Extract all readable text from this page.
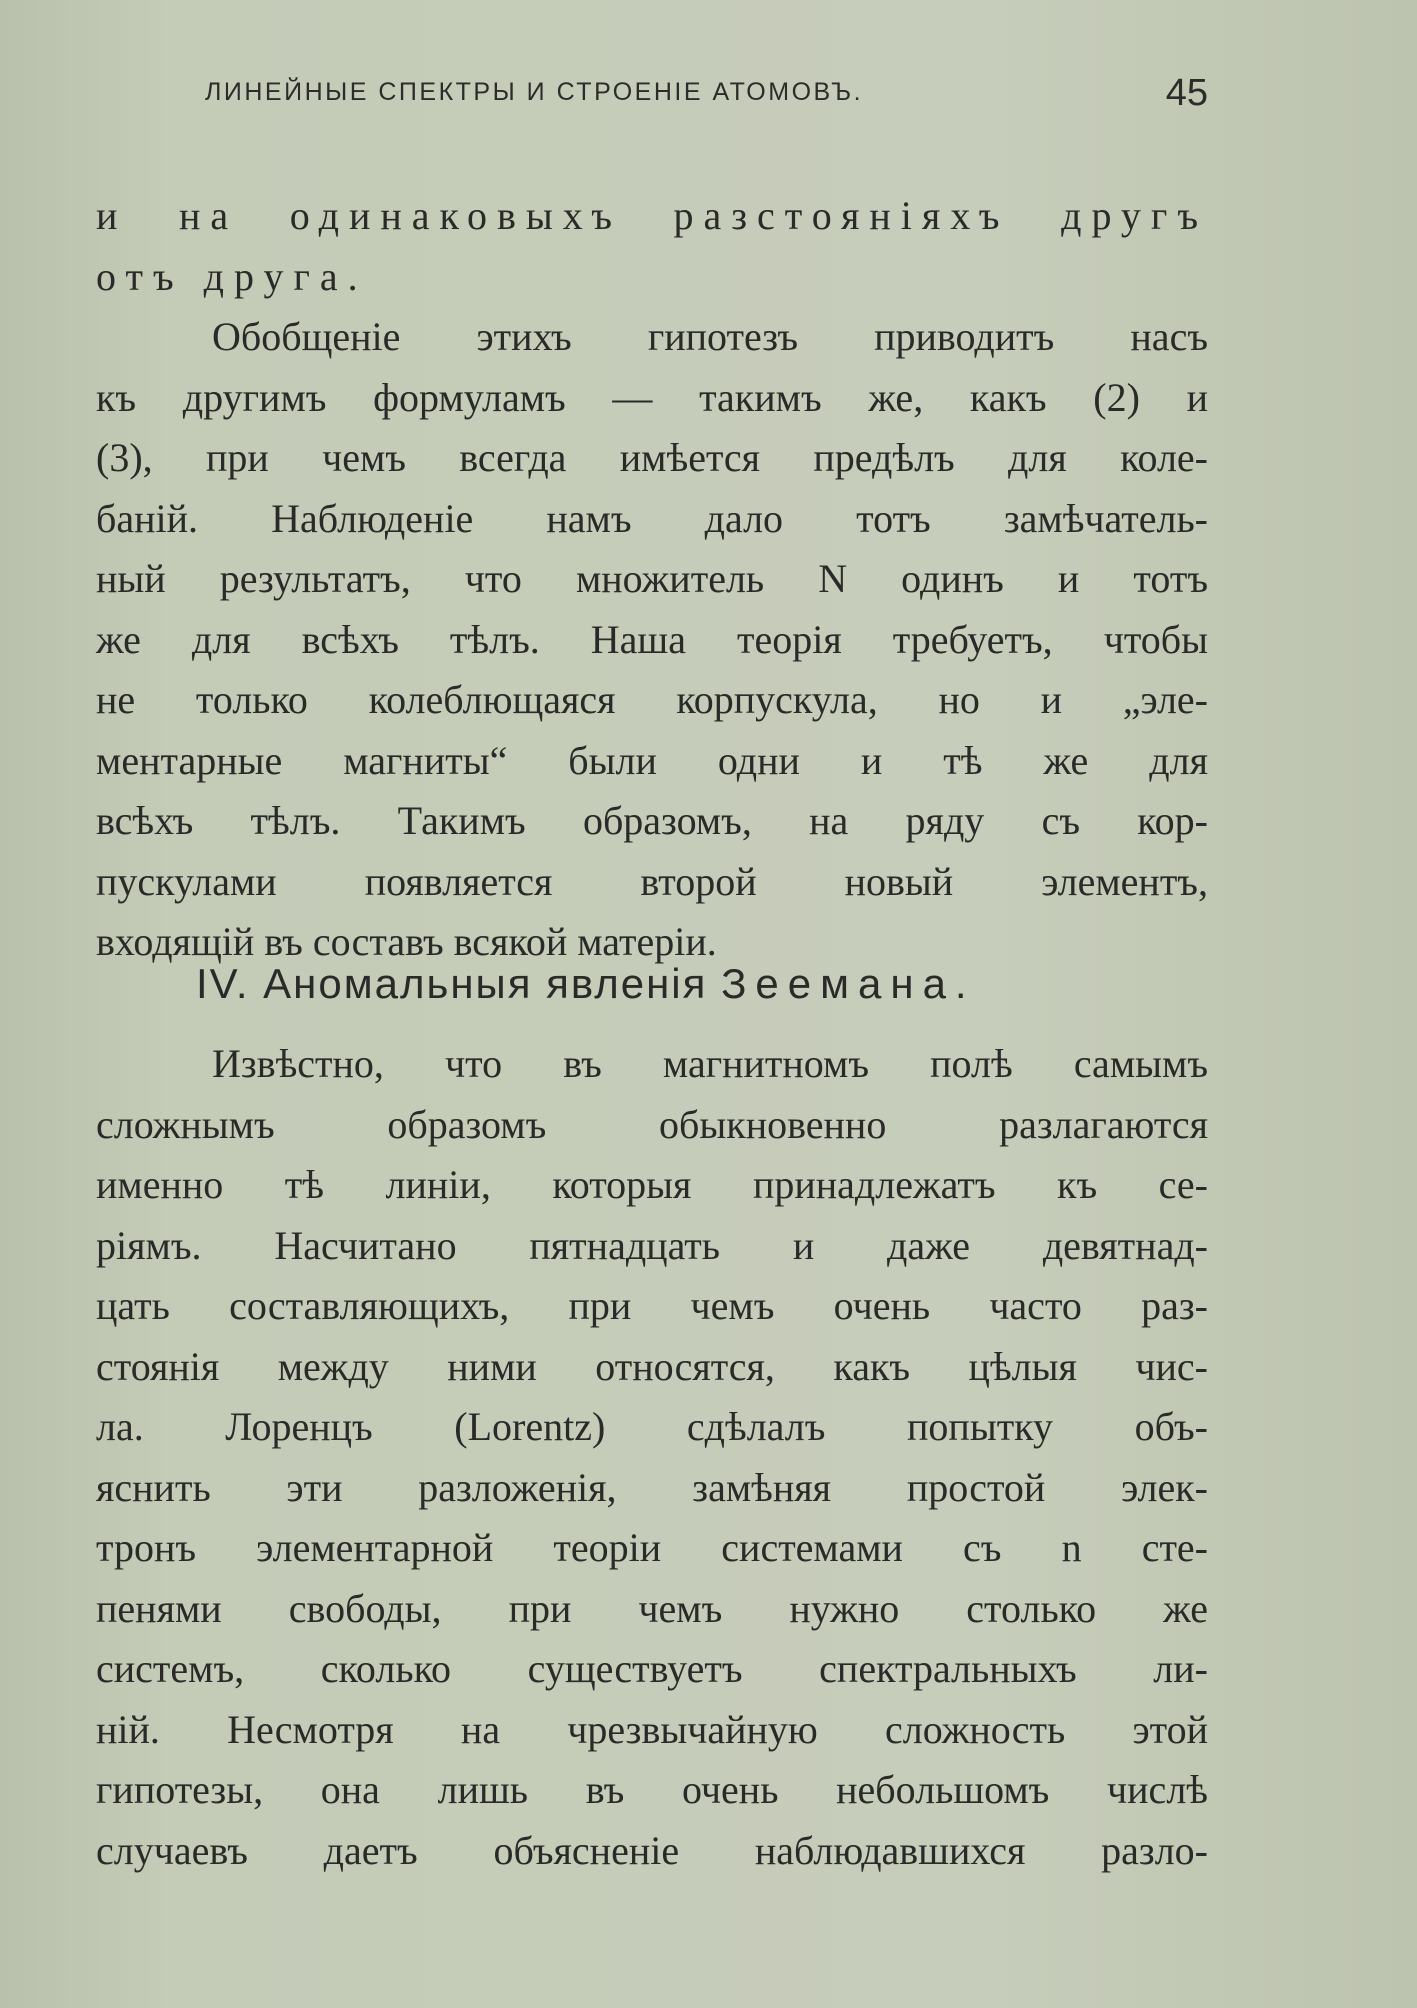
ЛИНЕЙНЫЕ СПЕКТРЫ И СТРОЕНІЕ АТОМОВЪ.	45
и на одинаковыхъ разстояніяхъ другъ
отъ друга.
Обобщеніе этихъ гипотезъ приводитъ насъ
къ другимъ формуламъ — такимъ же, какъ (2) и
(3), при чемъ всегда имѣется предѣлъ для коле-
баній. Наблюденіе намъ дало тотъ замѣчатель-
ный результатъ, что множитель N одинъ и тотъ
же для всѣхъ тѣлъ. Наша теорія требуетъ, чтобы
не только колеблющаяся корпускула, но и „эле-
ментарные магниты“ были одни и тѣ же для
всѣхъ тѣлъ. Такимъ образомъ, на ряду съ кор-
пускулами появляется второй новый элементъ,
входящій въ составъ всякой матеріи.
IV. Аномальныя явленія Зеемана.
Извѣстно, что въ магнитномъ полѣ самымъ
сложнымъ образомъ обыкновенно разлагаются
именно тѣ линіи, которыя принадлежатъ къ се-
ріямъ. Насчитано пятнадцать и даже девятнад-
цать составляющихъ, при чемъ очень часто раз-
стоянія между ними относятся, какъ цѣлыя чис-
ла. Лоренцъ (Lorentz) сдѣлалъ попытку объ-
яснить эти разложенія, замѣняя простой элек-
тронъ элементарной теоріи системами съ n сте-
пенями свободы, при чемъ нужно столько же
системъ, сколько существуетъ спектральныхъ ли-
ній. Несмотря на чрезвычайную сложность этой
гипотезы, она лишь въ очень небольшомъ числѣ
случаевъ даетъ объясненіе наблюдавшихся разло-
